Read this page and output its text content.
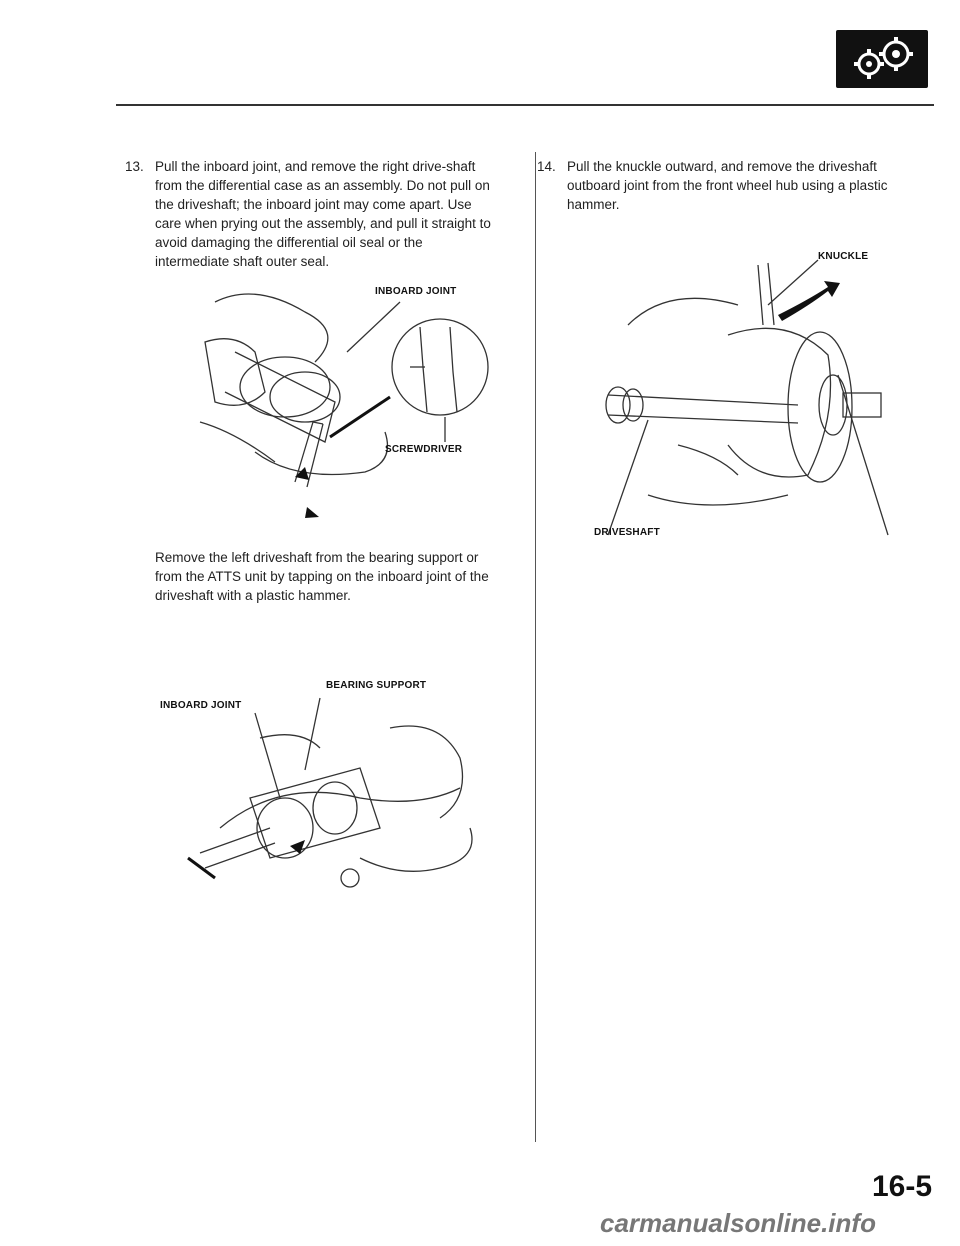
13. Pull the inboard joint, and remove the right drive-shaft from the differential case as an assembly. Do not pull on the driveshaft; the inboard joint may come apart. Use care when prying out the assembly, and pull it straight to avoid damaging the differential oil seal or the intermediate shaft outer seal.
INBOARD JOINT
SCREWDRIVER
Remove the left driveshaft from the bearing support or from the ATTS unit by tapping on the inboard joint of the driveshaft with a plastic hammer.
BEARING SUPPORT
INBOARD JOINT
14. Pull the knuckle outward, and remove the driveshaft outboard joint from the front wheel hub using a plastic hammer.
KNUCKLE
DRIVESHAFT
16-5
carmanualsonline.info
